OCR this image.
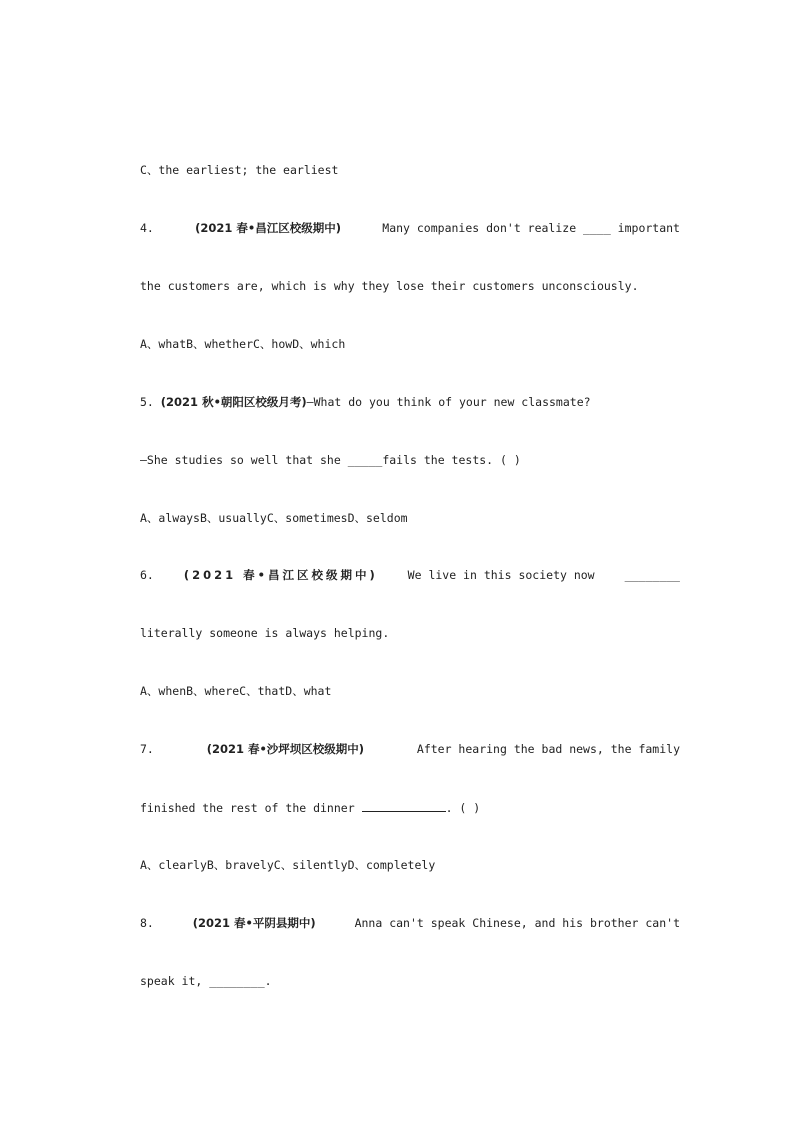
C、the earliest; the earliest
4.	(2021 春•昌江区校级期中)	Many companies don't realize ____ important
the customers are, which is why they lose their customers unconsciously.
A、whatB、whetherC、howD、which
5. (2021 秋•朝阳区校级月考)—What do you think of your new classmate?
—She studies so well that she _____fails the tests. ( )
A、alwaysB、usuallyC、sometimesD、seldom
6.	(2021 春•昌江区校级期中)	We live in this society now	________
literally someone is always helping.
A、whenB、whereC、thatD、what
7.	(2021 春•沙坪坝区校级期中)	After hearing the bad news, the family
finished the rest of the dinner	. ( )
A、clearlyB、bravelyC、silentlyD、completely
8.	(2021 春•平阴县期中)	Anna can't speak Chinese, and his brother can't
speak it, ________.
